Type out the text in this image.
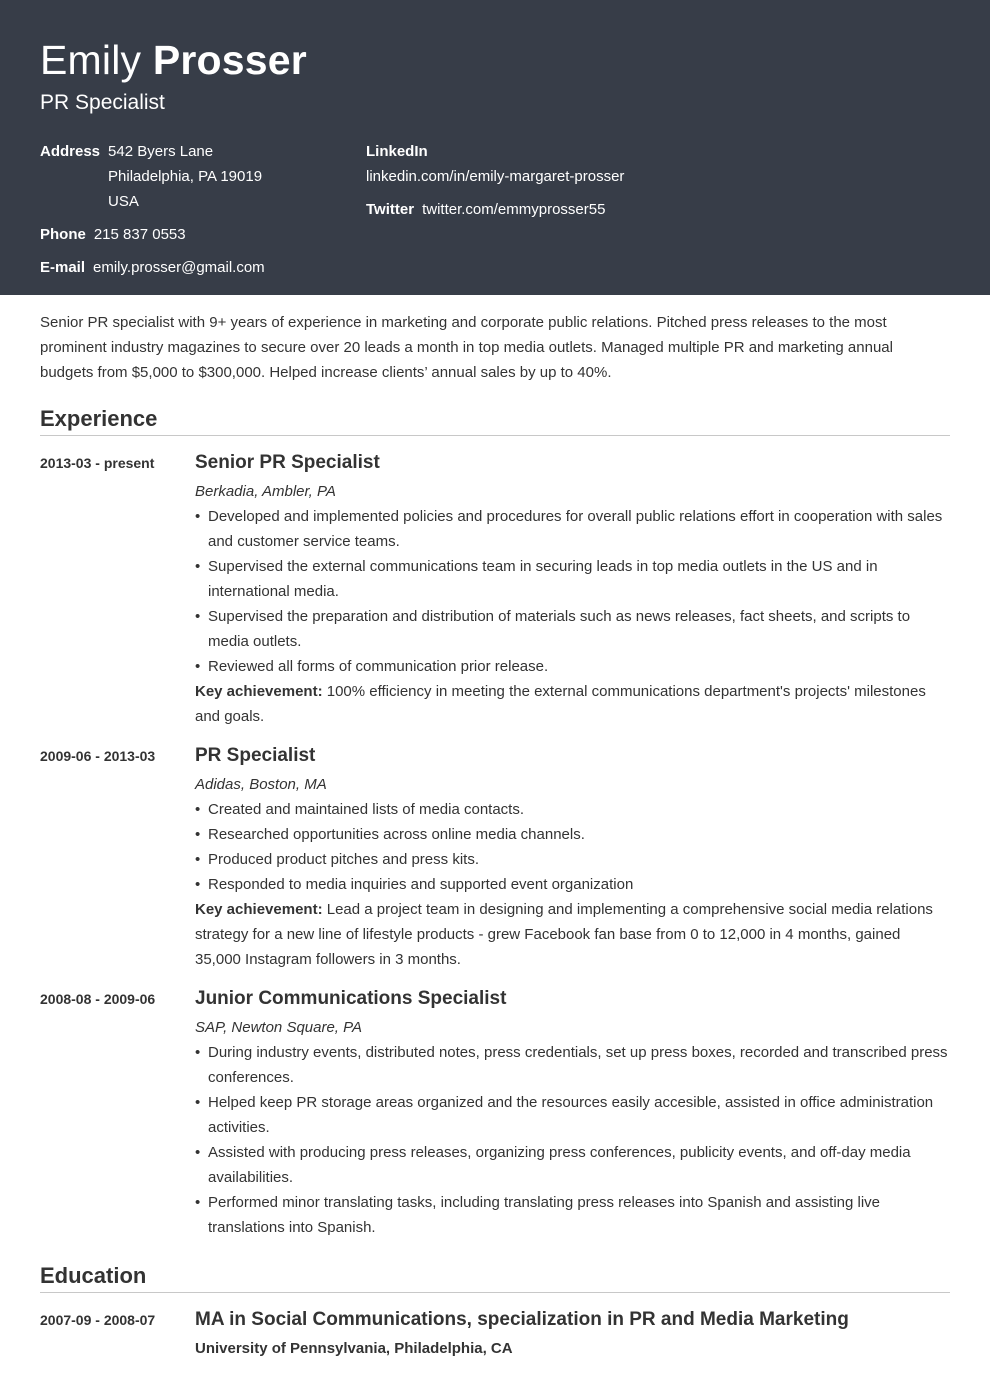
Emily Prosser
PR Specialist
Address 542 Byers Lane
Philadelphia, PA 19019
USA
Phone 215 837 0553
E-mail emily.prosser@gmail.com
LinkedIn
linkedin.com/in/emily-margaret-prosser
Twitter twitter.com/emmyprosser55

Senior PR specialist with 9+ years of experience in marketing and corporate public relations. Pitched press releases to the most prominent industry magazines to secure over 20 leads a month in top media outlets. Managed multiple PR and marketing annual budgets from $5,000 to $300,000. Helped increase clients’ annual sales by up to 40%.

Experience
2013-03 - present	Senior PR Specialist
Berkadia, Ambler, PA
• Developed and implemented policies and procedures for overall public relations effort in cooperation with sales and customer service teams.
• Supervised the external communications team in securing leads in top media outlets in the US and in international media.
• Supervised the preparation and distribution of materials such as news releases, fact sheets, and scripts to media outlets.
• Reviewed all forms of communication prior release.
Key achievement: 100% efficiency in meeting the external communications department's projects' milestones and goals.
2009-06 - 2013-03	PR Specialist
Adidas, Boston, MA
• Created and maintained lists of media contacts.
• Researched opportunities across online media channels.
• Produced product pitches and press kits.
• Responded to media inquiries and supported event organization
Key achievement: Lead a project team in designing and implementing a comprehensive social media relations strategy for a new line of lifestyle products - grew Facebook fan base from 0 to 12,000 in 4 months, gained 35,000 Instagram followers in 3 months.
2008-08 - 2009-06	Junior Communications Specialist
SAP, Newton Square, PA
• During industry events, distributed notes, press credentials, set up press boxes, recorded and transcribed press conferences.
• Helped keep PR storage areas organized and the resources easily accesible, assisted in office administration activities.
• Assisted with producing press releases, organizing press conferences, publicity events, and off-day media availabilities.
• Performed minor translating tasks, including translating press releases into Spanish and assisting live translations into Spanish.
Education
2007-09 - 2008-07	MA in Social Communications, specialization in PR and Media Marketing
University of Pennsylvania, Philadelphia, CA
